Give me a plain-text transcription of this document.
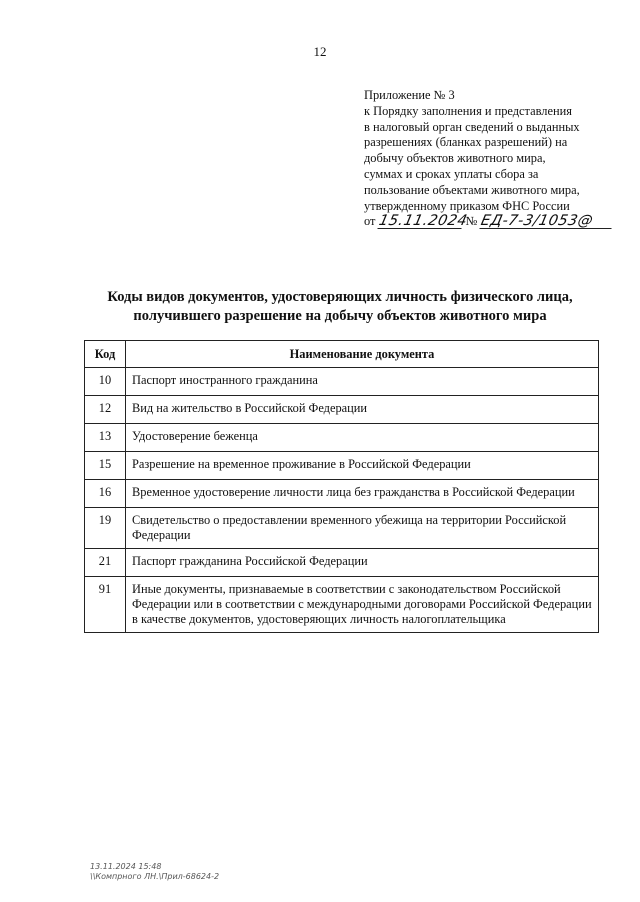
12
Приложение № 3
к Порядку заполнения и представления
в налоговый орган сведений о выданных
разрешениях (бланках разрешений) на
добычу объектов животного мира,
суммах и сроках уплаты сбора за
пользование объектами животного мира,
утвержденному приказом ФНС России
от 15.11.2024 № ЕД-7-3/1053@
Коды видов документов, удостоверяющих личность физического лица,
получившего разрешение на добычу объектов животного мира
Код	Наименование документа
10	Паспорт иностранного гражданина
12	Вид на жительство в Российской Федерации
13	Удостоверение беженца
15	Разрешение на временное проживание в Российской Федерации
16	Временное удостоверение личности лица без гражданства в Российской Федерации
19	Свидетельство о предоставлении временного убежища на территории Российской Федерации
21	Паспорт гражданина Российской Федерации
91	Иные документы, признаваемые в соответствии с законодательством Российской Федерации или в соответствии с международными договорами Российской Федерации в качестве документов, удостоверяющих личность налогоплательщика
13.11.2024 15:48
\\Компрного ЛН.\Прил-68624-2
